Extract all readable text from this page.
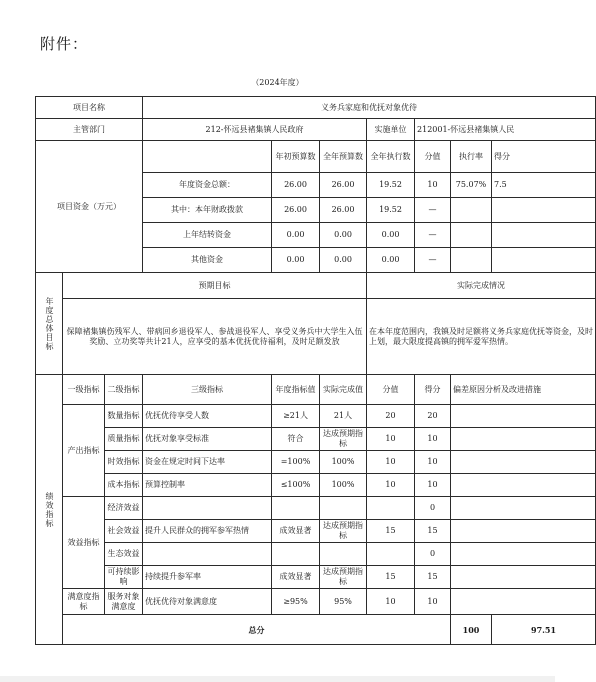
附件：
（2024年度）
项目名称			义务兵家庭和优抚对象优待							
主管部门			212-怀远县褚集镇人民政府			实施单位	212001-怀远县褚集镇人民			
项目资金（万元）				年初预算数	全年预算数	全年执行数	分值	执行率	得分	
			年度资金总额：	26.00	26.00	19.52	10	75.07%	7.5	
			其中：本年财政拨款	26.00	26.00	19.52	—			
			上年结转资金	0.00	0.00	0.00	—			
			其他资金	0.00	0.00	0.00	—			
年度总体目标	预期目标					实际完成情况				
	保障褚集镇伤残军人、带病回乡退役军人、参战退役军人、享受义务兵中大学生入伍奖励、立功奖等共计21人，应享受的基本优抚优待福利，及时足额发放					在本年度范围内，我镇及时足额将义务兵家庭优抚等资金，及时上划，最大限度提高镇的拥军爱军热情。				
绩效指标	一级指标	二级指标	三级指标	年度指标值	实际完成值	分值	得分	偏差原因分析及改进措施		
	产出指标	数量指标	优抚优待享受人数	≥21人	21人	20	20			
		质量指标	优抚对象享受标准	符合	达成预期指标	10	10			
		时效指标	资金在规定时间下达率	=100%	100%	10	10			
		成本指标	预算控制率	≤100%	100%	10	10			
	效益指标	经济效益					0			
		社会效益	提升人民群众的拥军参军热情	成效显著	达成预期指标	15	15			
		生态效益					0			
		可持续影响	持续提升参军率	成效显著	达成预期指标	15	15			
	满意度指标	服务对象满意度	优抚优待对象满意度	≥95%	95%	10	10			
	总分							100	97.51	
